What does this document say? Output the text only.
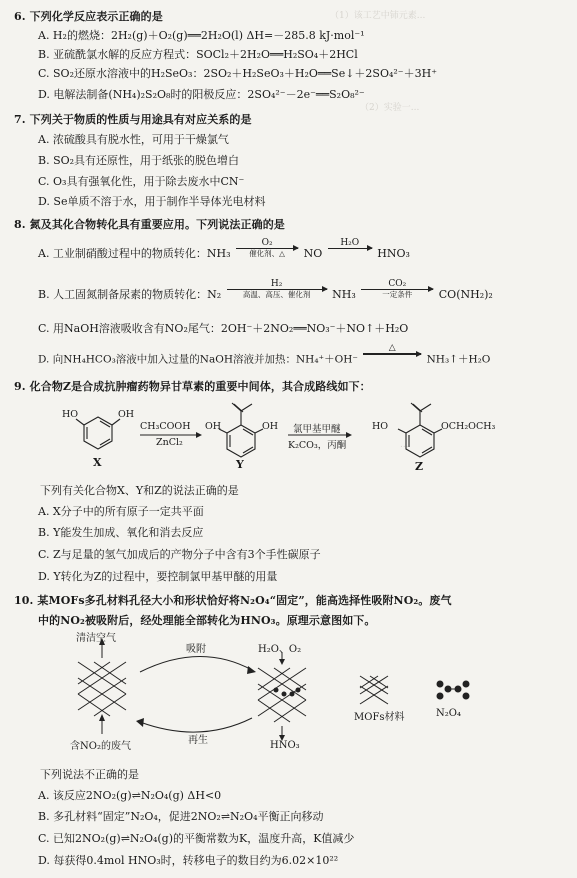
（1）该工艺中铈元素...
（2）实验一...
...
6. 下列化学反应表示正确的是
A. H₂的燃烧：2H₂(g)＋O₂(g)══2H₂O(l) ΔH=－285.8 kJ·mol⁻¹
B. 亚硫酰氯水解的反应方程式：SOCl₂＋2H₂O══H₂SO₄＋2HCl
C. SO₂还原水溶液中的H₂SeO₃：2SO₂＋H₂SeO₃＋H₂O══Se↓＋2SO₄²⁻＋3H⁺
D. 电解法制备(NH₄)₂S₂O₈时的阳极反应：2SO₄²⁻－2e⁻══S₂O₈²⁻
7. 下列关于物质的性质与用途具有对应关系的是
A. 浓硫酸具有脱水性，可用于干燥氯气
B. SO₂具有还原性，用于纸张的脱色增白
C. O₃具有强氧化性，用于除去废水中CN⁻
D. Se单质不溶于水，用于制作半导体光电材料
8. 氮及其化合物转化具有重要应用。下列说法正确的是
A. 工业制硝酸过程中的物质转化：NH₃
O₂
催化剂、△	NO
H₂O

HNO₃
B. 人工固氮制备尿素的物质转化：N₂
H₂
高温、高压、催化剂	NH₃
CO₂
一定条件	CO(NH₂)₂
C. 用NaOH溶液吸收含有NO₂尾气：2OH⁻＋2NO₂══NO₃⁻＋NO↑＋H₂O
D. 向NH₄HCO₃溶液中加入过量的NaOH溶液并加热：NH₄⁺＋OH⁻
△

NH₃↑＋H₂O
9. 化合物Z是合成抗肿瘤药物异甘草素的重要中间体，其合成路线如下：
HO	OH
X
CH₃COOH
ZnCl₂
OH	OH
Y
氯甲基甲醚
K₂CO₃，丙酮
HO	OCH₂OCH₃
Z
下列有关化合物X、Y和Z的说法正确的是
A. X分子中的所有原子一定共平面
B. Y能发生加成、氧化和消去反应
C. Z与足量的氢气加成后的产物分子中含有3个手性碳原子
D. Y转化为Z的过程中，要控制氯甲基甲醚的用量
10. 某MOFs多孔材料孔径大小和形状恰好将N₂O₄“固定”，能高选择性吸附NO₂。废气
中的NO₂被吸附后，经处理能全部转化为HNO₃。原理示意图如下。
清洁空气
吸附	H₂O、O₂
含NO₂的废气
再生	HNO₃
MOFs材料	N₂O₄
下列说法不正确的是
A. 该反应2NO₂(g)⇌N₂O₄(g) ΔH<0
B. 多孔材料“固定”N₂O₄，促进2NO₂⇌N₂O₄平衡正向移动
C. 已知2NO₂(g)⇌N₂O₄(g)的平衡常数为K，温度升高，K值减少
D. 每获得0.4mol HNO₃时，转移电子的数目约为6.02×10²²
